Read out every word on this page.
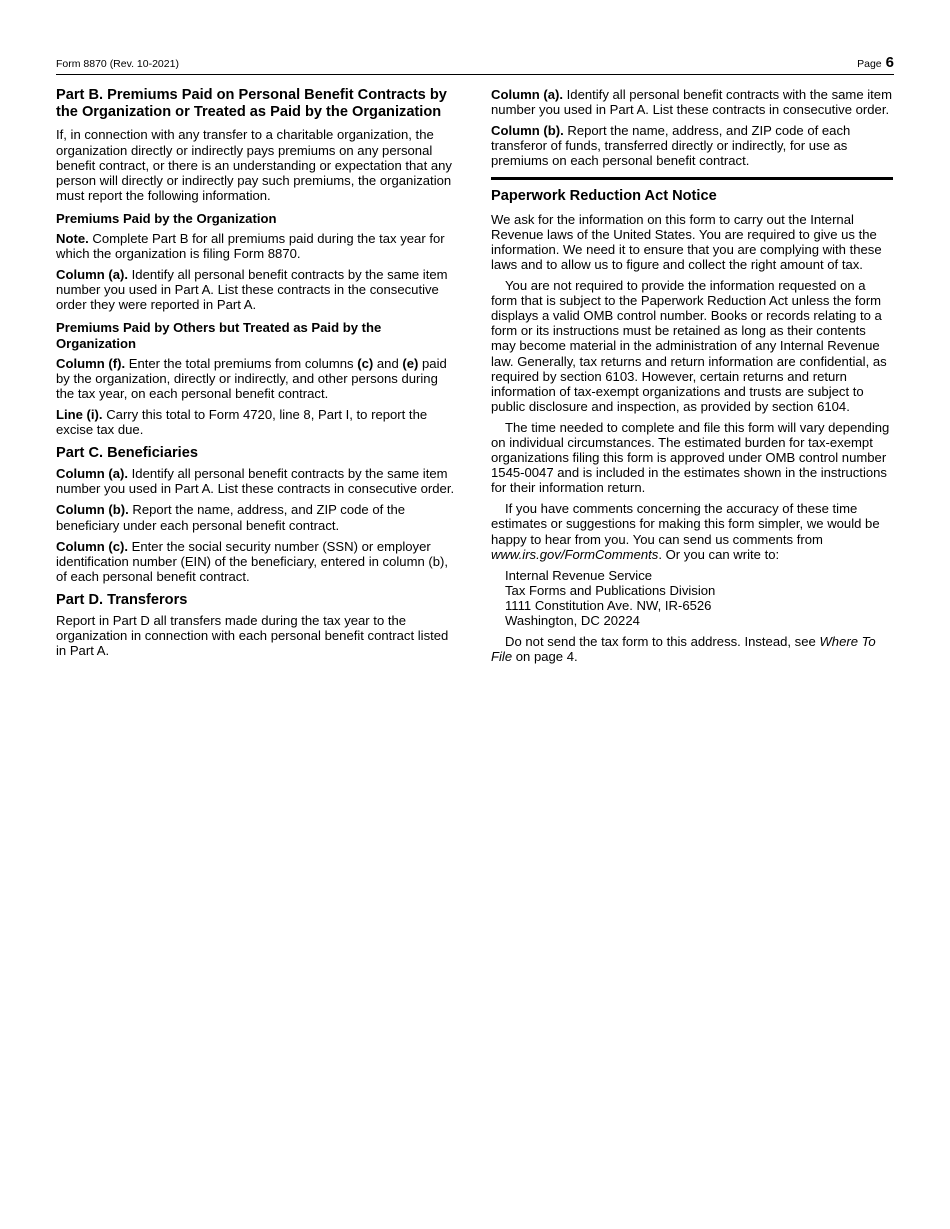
Form 8870 (Rev. 10-2021)	Page 6
Part B. Premiums Paid on Personal Benefit Contracts by the Organization or Treated as Paid by the Organization

If, in connection with any transfer to a charitable organization, the organization directly or indirectly pays premiums on any personal benefit contract, or there is an understanding or expectation that any person will directly or indirectly pay such premiums, the organization must report the following information.

Premiums Paid by the Organization

Note. Complete Part B for all premiums paid during the tax year for which the organization is filing Form 8870.

Column (a). Identify all personal benefit contracts by the same item number you used in Part A. List these contracts in the consecutive order they were reported in Part A.

Premiums Paid by Others but Treated as Paid by the Organization

Column (f). Enter the total premiums from columns (c) and (e) paid by the organization, directly or indirectly, and other persons during the tax year, on each personal benefit contract.

Line (i). Carry this total to Form 4720, line 8, Part I, to report the excise tax due.

Part C. Beneficiaries

Column (a). Identify all personal benefit contracts by the same item number you used in Part A. List these contracts in consecutive order.

Column (b). Report the name, address, and ZIP code of the beneficiary under each personal benefit contract.

Column (c). Enter the social security number (SSN) or employer identification number (EIN) of the beneficiary, entered in column (b), of each personal benefit contract.

Part D. Transferors

Report in Part D all transfers made during the tax year to the organization in connection with each personal benefit contract listed in Part A.

Column (a). Identify all personal benefit contracts with the same item number you used in Part A. List these contracts in consecutive order.

Column (b). Report the name, address, and ZIP code of each transferor of funds, transferred directly or indirectly, for use as premiums on each personal benefit contract.

Paperwork Reduction Act Notice

We ask for the information on this form to carry out the Internal Revenue laws of the United States. You are required to give us the information. We need it to ensure that you are complying with these laws and to allow us to figure and collect the right amount of tax.

You are not required to provide the information requested on a form that is subject to the Paperwork Reduction Act unless the form displays a valid OMB control number. Books or records relating to a form or its instructions must be retained as long as their contents may become material in the administration of any Internal Revenue law. Generally, tax returns and return information are confidential, as required by section 6103. However, certain returns and return information of tax-exempt organizations and trusts are subject to public disclosure and inspection, as provided by section 6104.

The time needed to complete and file this form will vary depending on individual circumstances. The estimated burden for tax-exempt organizations filing this form is approved under OMB control number 1545-0047 and is included in the estimates shown in the instructions for their information return.

If you have comments concerning the accuracy of these time estimates or suggestions for making this form simpler, we would be happy to hear from you. You can send us comments from www.irs.gov/FormComments. Or you can write to:

Internal Revenue Service
Tax Forms and Publications Division
1111 Constitution Ave. NW, IR-6526
Washington, DC 20224

Do not send the tax form to this address. Instead, see Where To File on page 4.
